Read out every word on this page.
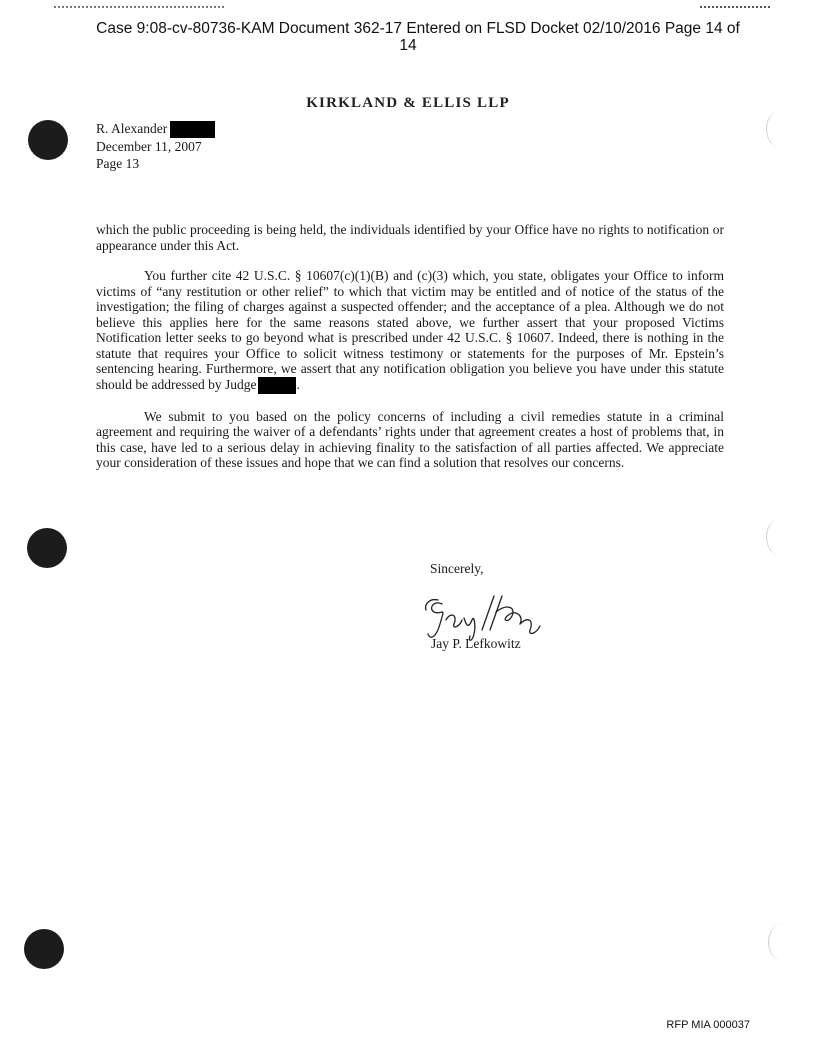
Case 9:08-cv-80736-KAM Document 362-17 Entered on FLSD Docket 02/10/2016 Page 14 of
14
KIRKLAND & ELLIS LLP
R. Alexander
December 11, 2007
Page 13

which the public proceeding is being held, the individuals identified by your Office have no rights to notification or appearance under this Act.

You further cite 42 U.S.C. § 10607(c)(1)(B) and (c)(3) which, you state, obligates your Office to inform victims of “any restitution or other relief” to which that victim may be entitled and of notice of the status of the investigation; the filing of charges against a suspected offender; and the acceptance of a plea. Although we do not believe this applies here for the same reasons stated above, we further assert that your proposed Victims Notification letter seeks to go beyond what is prescribed under 42 U.S.C. § 10607. Indeed, there is nothing in the statute that requires your Office to solicit witness testimony or statements for the purposes of Mr. Epstein’s sentencing hearing. Furthermore, we assert that any notification obligation you believe you have under this statute should be addressed by Judge	.

We submit to you based on the policy concerns of including a civil remedies statute in a criminal agreement and requiring the waiver of a defendants’ rights under that agreement creates a host of problems that, in this case, have led to a serious delay in achieving finality to the satisfaction of all parties affected. We appreciate your consideration of these issues and hope that we can find a solution that resolves our concerns.

Sincerely,
Jay P. Lefkowitz
RFP MIA 000037
